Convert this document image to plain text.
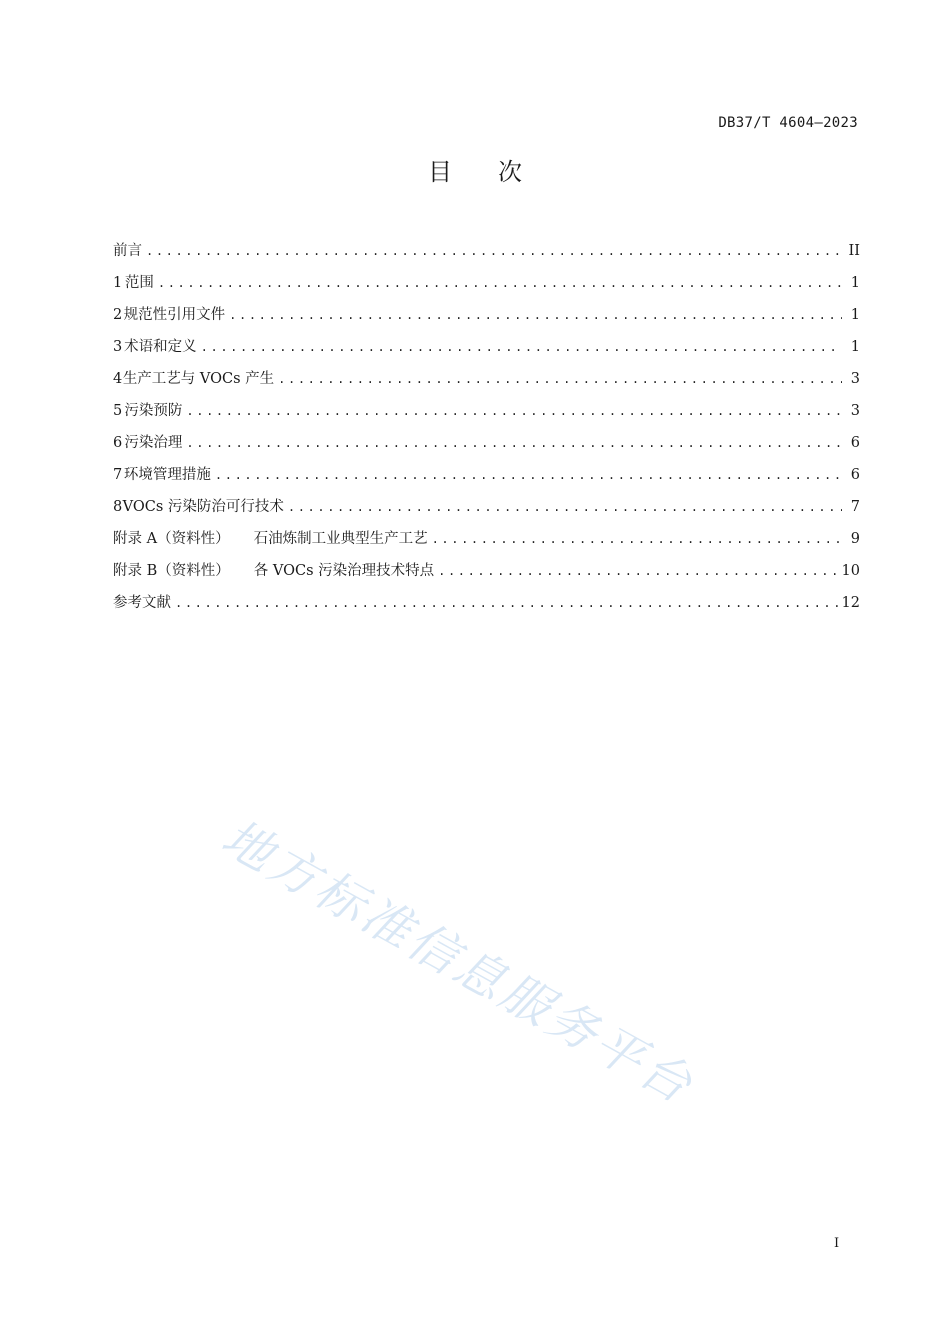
DB37/T 4604—2023
目 次
前言 .....	II
1 范围 .....	1
2 规范性引用文件 .....	1
3 术语和定义 .....	1
4 生产工艺与 VOCs 产生 .....	3
5 污染预防 .....	3
6 污染治理 .....	6
7 环境管理措施 .....	6
8 VOCs 污染防治可行技术 .....	7
附录 A（资料性） 石油炼制工业典型生产工艺 .....	9
附录 B（资料性） 各 VOCs 污染治理技术特点 .....	10
参考文献 .....	12
地方标准信息服务平台
I
